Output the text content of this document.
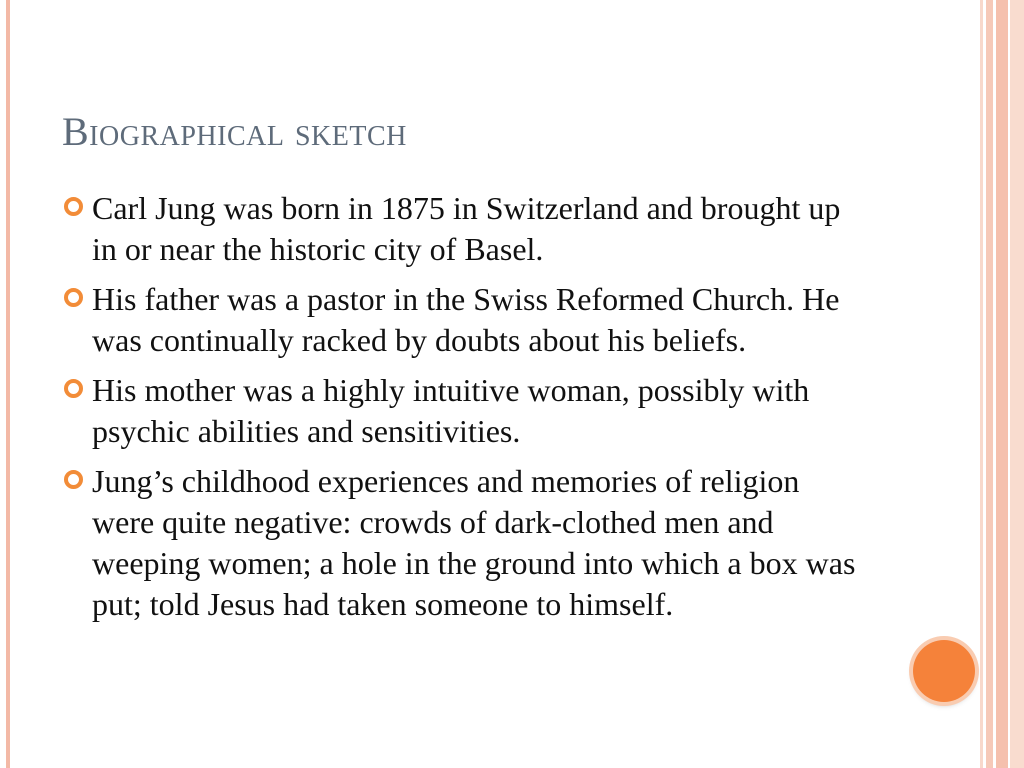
Biographical sketch
Carl Jung was born in 1875 in Switzerland and brought up in or near the historic city of Basel.
His father was a pastor in the Swiss Reformed Church. He was continually racked by doubts about his beliefs.
His mother was a highly intuitive woman, possibly with psychic abilities and sensitivities.
Jung’s childhood experiences and memories of religion were quite negative: crowds of dark-clothed men and weeping women; a hole in the ground into which a box was put; told Jesus had taken someone to himself.
